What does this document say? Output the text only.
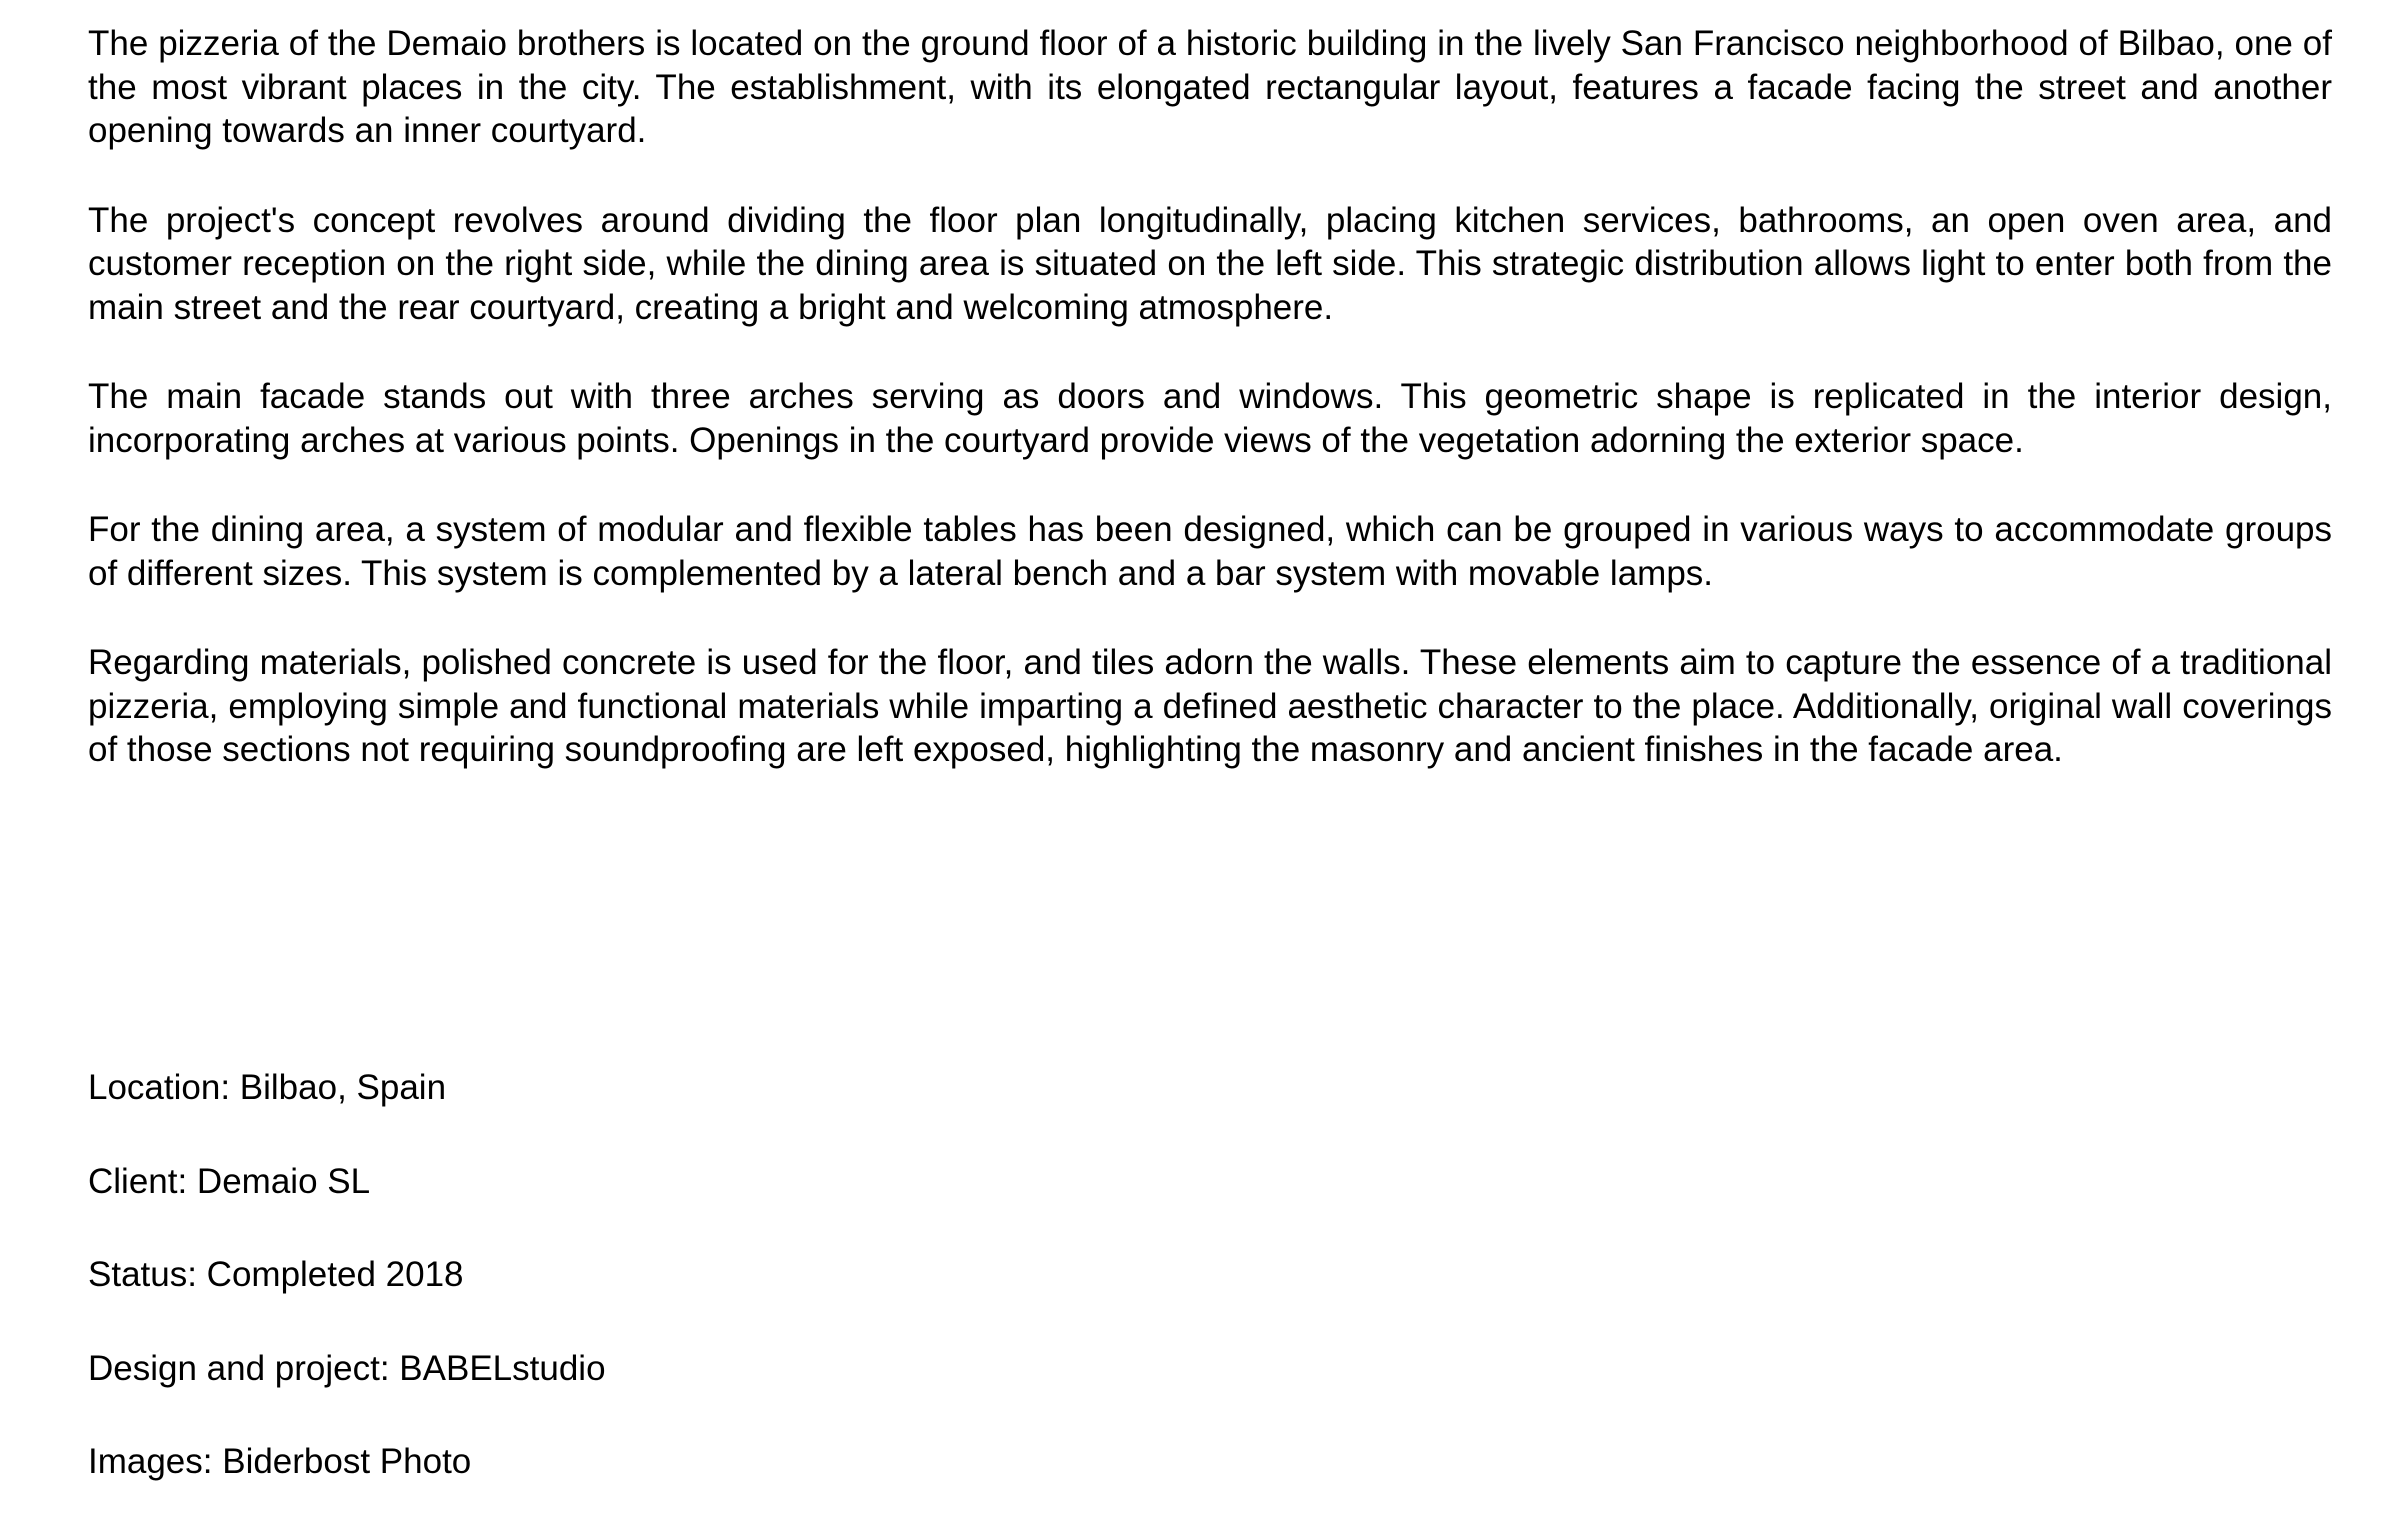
The pizzeria of the Demaio brothers is located on the ground floor of a historic building in the lively San Francisco neighborhood of Bilbao, one of the most vibrant places in the city. The establishment, with its elongated rectangular layout, features a facade facing the street and another opening towards an inner courtyard.

The project's concept revolves around dividing the floor plan longitudinally, placing kitchen services, bathrooms, an open oven area, and customer reception on the right side, while the dining area is situated on the left side. This strategic distribution allows light to enter both from the main street and the rear courtyard, creating a bright and welcoming atmosphere.

The main facade stands out with three arches serving as doors and windows. This geometric shape is replicated in the interior design, incorporating arches at various points. Openings in the courtyard provide views of the vegetation adorning the exterior space.

For the dining area, a system of modular and flexible tables has been designed, which can be grouped in various ways to accommodate groups of different sizes. This system is complemented by a lateral bench and a bar system with movable lamps.

Regarding materials, polished concrete is used for the floor, and tiles adorn the walls. These elements aim to capture the essence of a traditional pizzeria, employing simple and functional materials while imparting a defined aesthetic character to the place. Additionally, original wall coverings of those sections not requiring soundproofing are left exposed, highlighting the masonry and ancient finishes in the facade area.

Location: Bilbao, Spain

Client: Demaio SL

Status: Completed 2018

Design and project: BABELstudio

Images: Biderbost Photo
